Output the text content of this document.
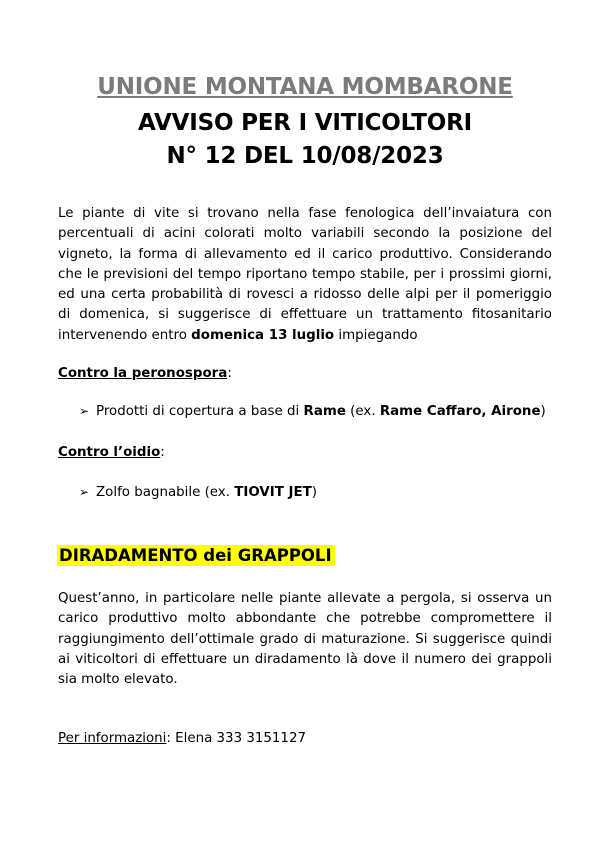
UNIONE MONTANA MOMBARONE
AVVISO PER I VITICOLTORI
N° 12 DEL 10/08/2023

Le piante di vite si trovano nella fase fenologica dell’invaiatura con percentuali di acini colorati molto variabili secondo la posizione del vigneto, la forma di allevamento ed il carico produttivo. Considerando che le previsioni del tempo riportano tempo stabile, per i prossimi giorni, ed una certa probabilità di rovesci a ridosso delle alpi per il pomeriggio di domenica, si suggerisce di effettuare un trattamento fitosanitario intervenendo entro domenica 13 luglio impiegando

Contro la peronospora:
➢ Prodotti di copertura a base di Rame (ex. Rame Caffaro, Airone)
Contro l’oidio:
➢ Zolfo bagnabile (ex. TIOVIT JET)
DIRADAMENTO dei GRAPPOLI

Quest’anno, in particolare nelle piante allevate a pergola, si osserva un carico produttivo molto abbondante che potrebbe compromettere il raggiungimento dell’ottimale grado di maturazione. Si suggerisce quindi ai viticoltori di effettuare un diradamento là dove il numero dei grappoli sia molto elevato.

Per informazioni: Elena 333 3151127
